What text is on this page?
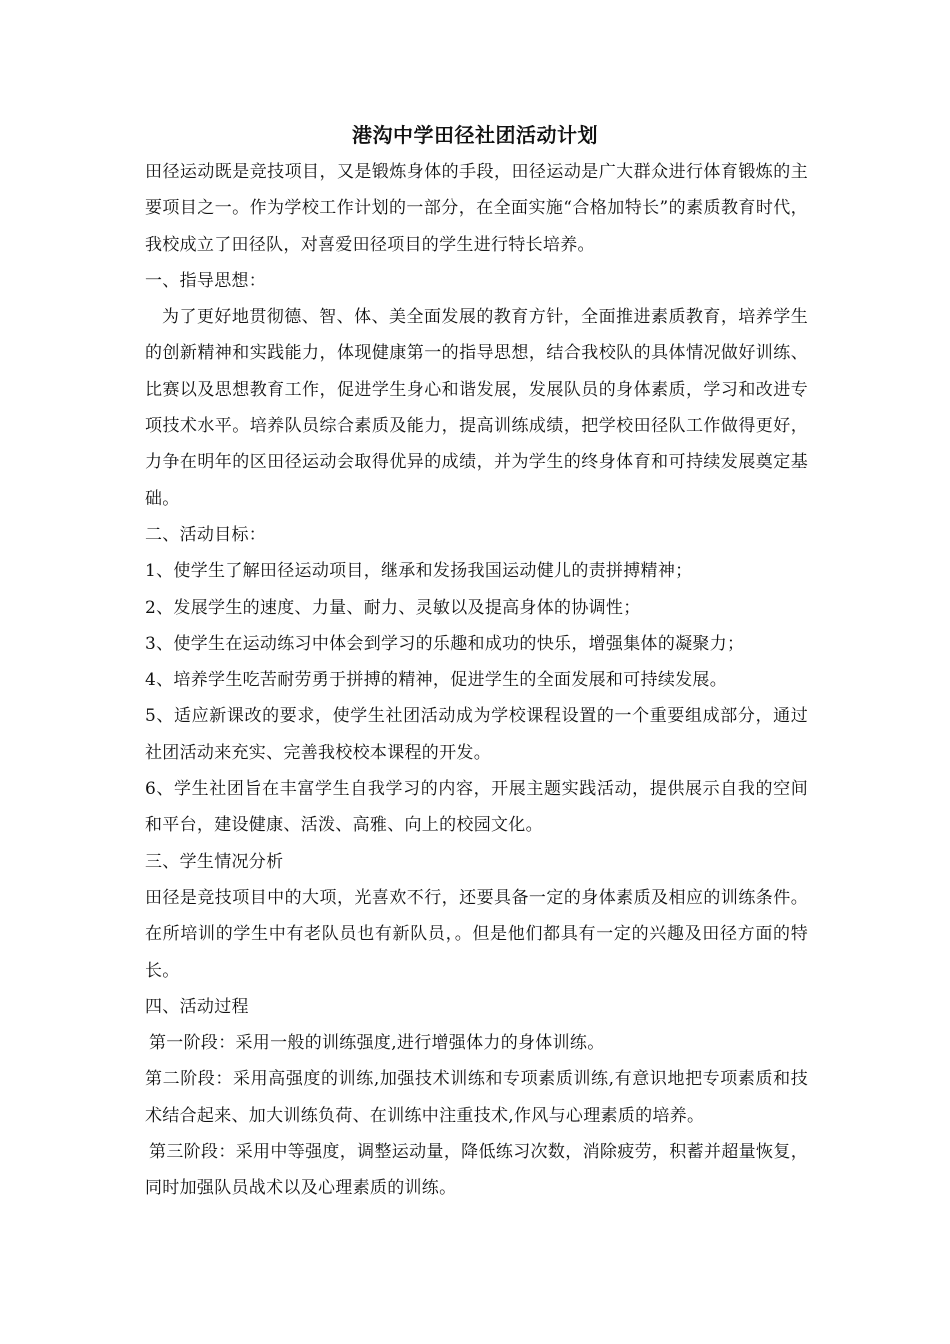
港沟中学田径社团活动计划

田径运动既是竞技项目，又是锻炼身体的手段，田径运动是广大群众进行体育锻炼的主要项目之一。作为学校工作计划的一部分，在全面实施“合格加特长”的素质教育时代，我校成立了田径队，对喜爱田径项目的学生进行特长培养。

一、指导思想：

为了更好地贯彻德、智、体、美全面发展的教育方针，全面推进素质教育，培养学生的创新精神和实践能力，体现健康第一的指导思想，结合我校队的具体情况做好训练、比赛以及思想教育工作，促进学生身心和谐发展，发展队员的身体素质，学习和改进专项技术水平。培养队员综合素质及能力，提高训练成绩，把学校田径队工作做得更好，力争在明年的区田径运动会取得优异的成绩，并为学生的终身体育和可持续发展奠定基础。

二、活动目标：

1、使学生了解田径运动项目，继承和发扬我国运动健儿的责拼搏精神；

2、发展学生的速度、力量、耐力、灵敏以及提高身体的协调性；

3、使学生在运动练习中体会到学习的乐趣和成功的快乐，增强集体的凝聚力；

4、培养学生吃苦耐劳勇于拼搏的精神，促进学生的全面发展和可持续发展。

5、适应新课改的要求，使学生社团活动成为学校课程设置的一个重要组成部分，通过社团活动来充实、完善我校校本课程的开发。

6、学生社团旨在丰富学生自我学习的内容，开展主题实践活动，提供展示自我的空间和平台，建设健康、活泼、高雅、向上的校园文化。

三、学生情况分析

田径是竞技项目中的大项，光喜欢不行，还要具备一定的身体素质及相应的训练条件。在所培训的学生中有老队员也有新队员，。但是他们都具有一定的兴趣及田径方面的特长。

四、活动过程

第一阶段：采用一般的训练强度,进行增强体力的身体训练。

第二阶段：采用高强度的训练,加强技术训练和专项素质训练,有意识地把专项素质和技术结合起来、加大训练负荷、在训练中注重技术,作风与心理素质的培养。

第三阶段：采用中等强度，调整运动量，降低练习次数，消除疲劳，积蓄并超量恢复，同时加强队员战术以及心理素质的训练。
